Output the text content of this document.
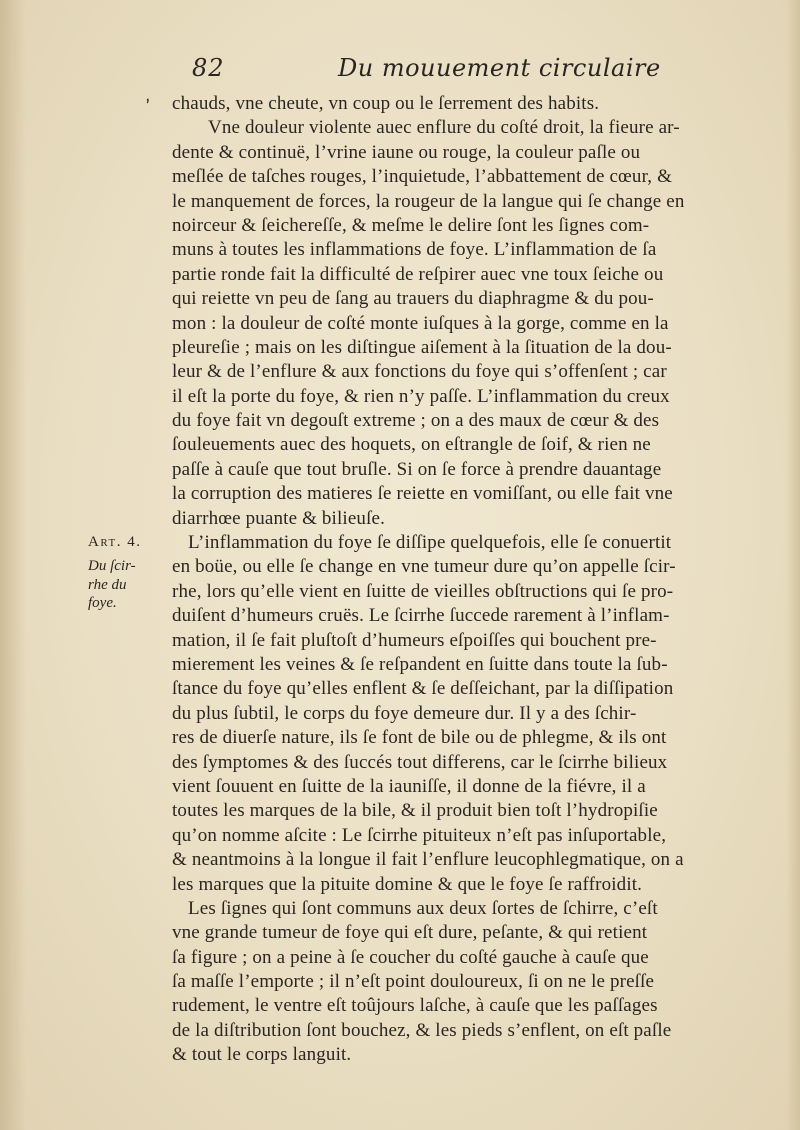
82	Du mouuement circulaire
ʼ
Art. 4.
Du ſcir-
rhe du
foye.
chauds, vne cheute, vn coup ou le ſerrement des habits.
Vne douleur violente auec enflure du coſté droit, la fieure ar-
dente & continuë, l’vrine iaune ou rouge, la couleur paſle ou
meſlée de taſches rouges, l’inquietude, l’abbattement de cœur, &
le manquement de forces, la rougeur de la langue qui ſe change en
noirceur & ſeichereſſe, & meſme le delire ſont les ſignes com-
muns à toutes les inflammations de foye. L’inflammation de ſa
partie ronde fait la difficulté de reſpirer auec vne toux ſeiche ou
qui reiette vn peu de ſang au trauers du diaphragme & du pou-
mon : la douleur de coſté monte iuſques à la gorge, comme en la
pleureſie ; mais on les diſtingue aiſement à la ſituation de la dou-
leur & de l’enflure & aux fonctions du foye qui s’offenſent ; car
il eſt la porte du foye, & rien n’y paſſe. L’inflammation du creux
du foye fait vn degouſt extreme ; on a des maux de cœur & des
ſouleuements auec des hoquets, on eſtrangle de ſoif, & rien ne
paſſe à cauſe que tout bruſle. Si on ſe force à prendre dauantage
la corruption des matieres ſe reiette en vomiſſant, ou elle fait vne
diarrhœe puante & bilieuſe.
L’inflammation du foye ſe diſſipe quelquefois, elle ſe conuertit
en boüe, ou elle ſe change en vne tumeur dure qu’on appelle ſcir-
rhe, lors qu’elle vient en ſuitte de vieilles obſtructions qui ſe pro-
duiſent d’humeurs cruës. Le ſcirrhe ſuccede rarement à l’inflam-
mation, il ſe fait pluſtoſt d’humeurs eſpoiſſes qui bouchent pre-
mierement les veines & ſe reſpandent en ſuitte dans toute la ſub-
ſtance du foye qu’elles enflent & ſe deſſeichant, par la diſſipation
du plus ſubtil, le corps du foye demeure dur. Il y a des ſchir-
res de diuerſe nature, ils ſe font de bile ou de phlegme, & ils ont
des ſymptomes & des ſuccés tout differens, car le ſcirrhe bilieux
vient ſouuent en ſuitte de la iauniſſe, il donne de la fiévre, il a
toutes les marques de la bile, & il produit bien toſt l’hydropiſie
qu’on nomme aſcite : Le ſcirrhe pituiteux n’eſt pas inſuportable,
& neantmoins à la longue il fait l’enflure leucophlegmatique, on a
les marques que la pituite domine & que le foye ſe raffroidit.
Les ſignes qui ſont communs aux deux ſortes de ſchirre, c’eſt
vne grande tumeur de foye qui eſt dure, peſante, & qui retient
ſa figure ; on a peine à ſe coucher du coſté gauche à cauſe que
ſa maſſe l’emporte ; il n’eſt point douloureux, ſi on ne le preſſe
rudement, le ventre eſt toûjours laſche, à cauſe que les paſſages
de la diſtribution ſont bouchez, & les pieds s’enflent, on eſt paſle
& tout le corps languit.
